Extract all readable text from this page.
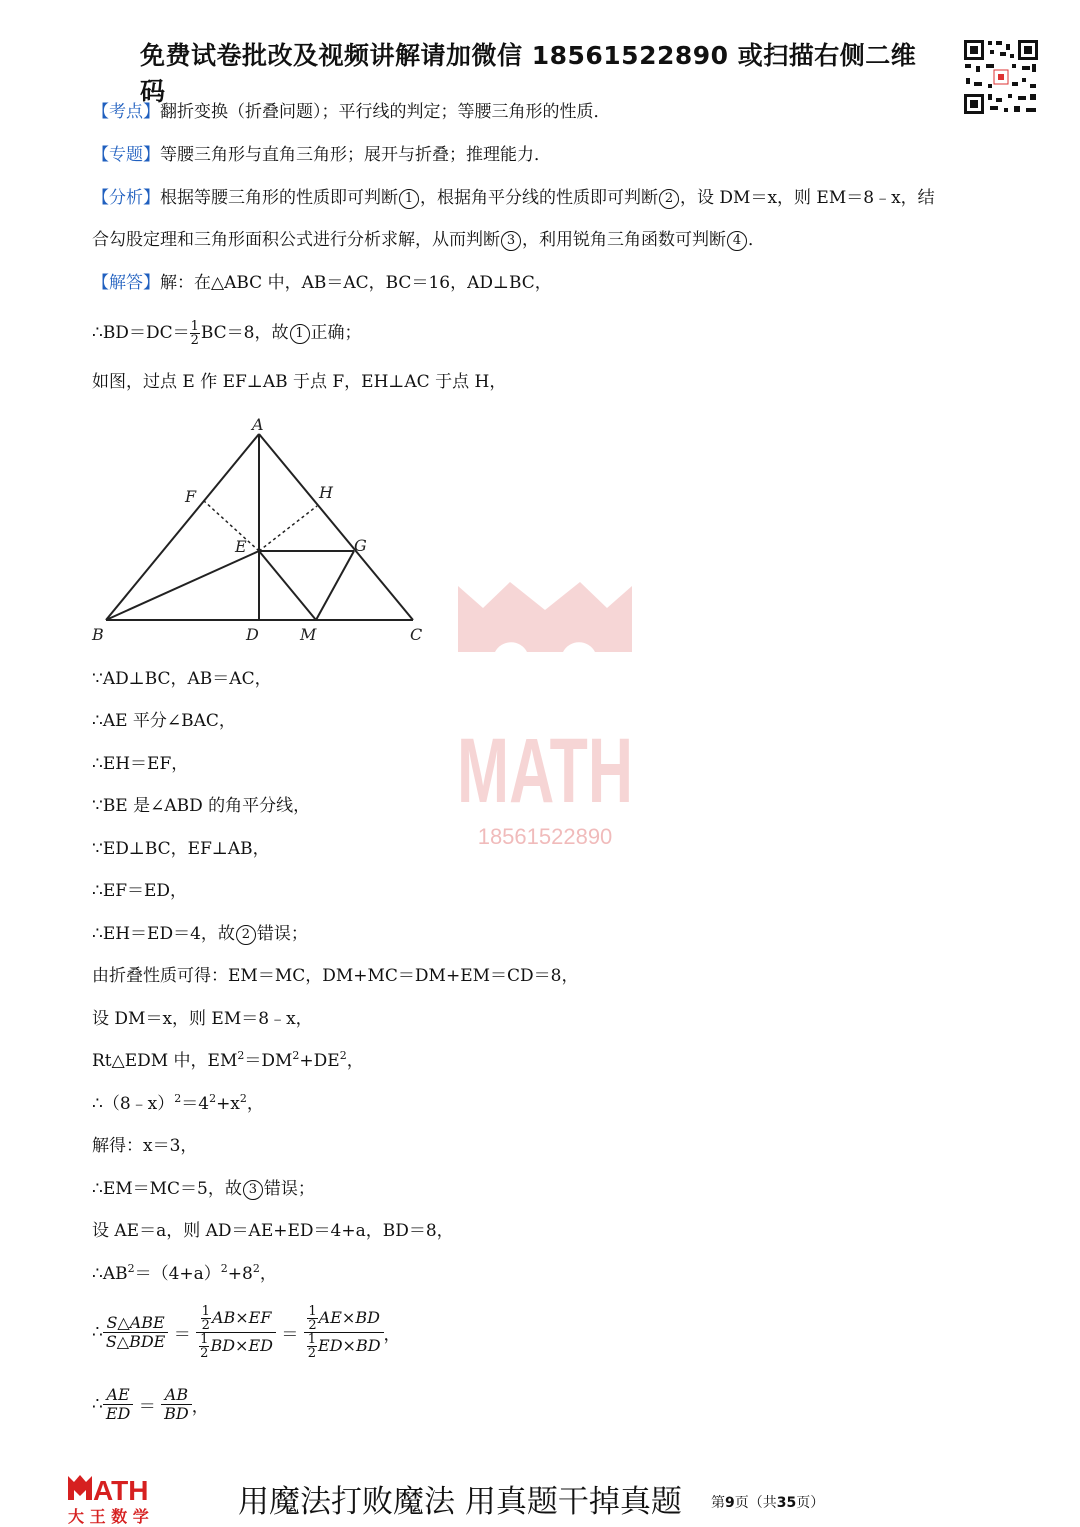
免费试卷批改及视频讲解请加微信 18561522890 或扫描右侧二维码
【考点】翻折变换（折叠问题）；平行线的判定；等腰三角形的性质．
【专题】等腰三角形与直角三角形；展开与折叠；推理能力．
【分析】根据等腰三角形的性质即可判断 1 ，根据角平分线的性质即可判断 2 ，设 DM＝x，则 EM＝8﹣x，结
合勾股定理和三角形面积公式进行分析求解，从而判断 3 ，利用锐角三角函数可判断 4 ．
【解答】解：在△ABC 中，AB＝AC，BC＝16，AD⊥BC，
∴BD＝DC＝ $\frac{1}{2} BC=8$，故 1 正确；
如图，过点 E 作 EF⊥AB 于点 F，EH⊥AC 于点 H，
A
B	C
D
E
F
G
H
M
MATH
18561522890
∵AD⊥BC，AB＝AC，
∴AE 平分∠BAC，
∴EH＝EF，
∵BE 是∠ABD 的角平分线，
∵ED⊥BC，EF⊥AB，
∴EF＝ED，
∴EH＝ED＝4，故 2 错误；
由折叠性质可得：EM＝MC，DM+MC＝DM+EM＝CD＝8，
设 DM＝x，则 EM＝8﹣x，
Rt△EDM 中，$EM^2=DM^2+DE^2$，
$\therefore(8﹣x)^2=4^2+x^2$，
解得：x＝3，
∴EM＝MC＝5，故 3 错误；
设 AE＝a，则 AD＝AE+ED＝4+a，BD＝8，
$\therefore AB^2=(4+a)^2+8^2$，
∴ $\frac{\text{S△ABE}}{\text{S△BDE}} = \frac{\frac{1}{2} AB\times EF}{\frac{1}{2} BD\times ED} = \frac{\frac{1}{2} AE\times BD}{\frac{1}{2} ED\times BD}$ ，
∴ $\frac{AE}{ED} = \frac{AB}{BD}$ ，
ATH
大 王 数 学	用魔法打败魔法 用真题干掉真题 第9页（共35页）
